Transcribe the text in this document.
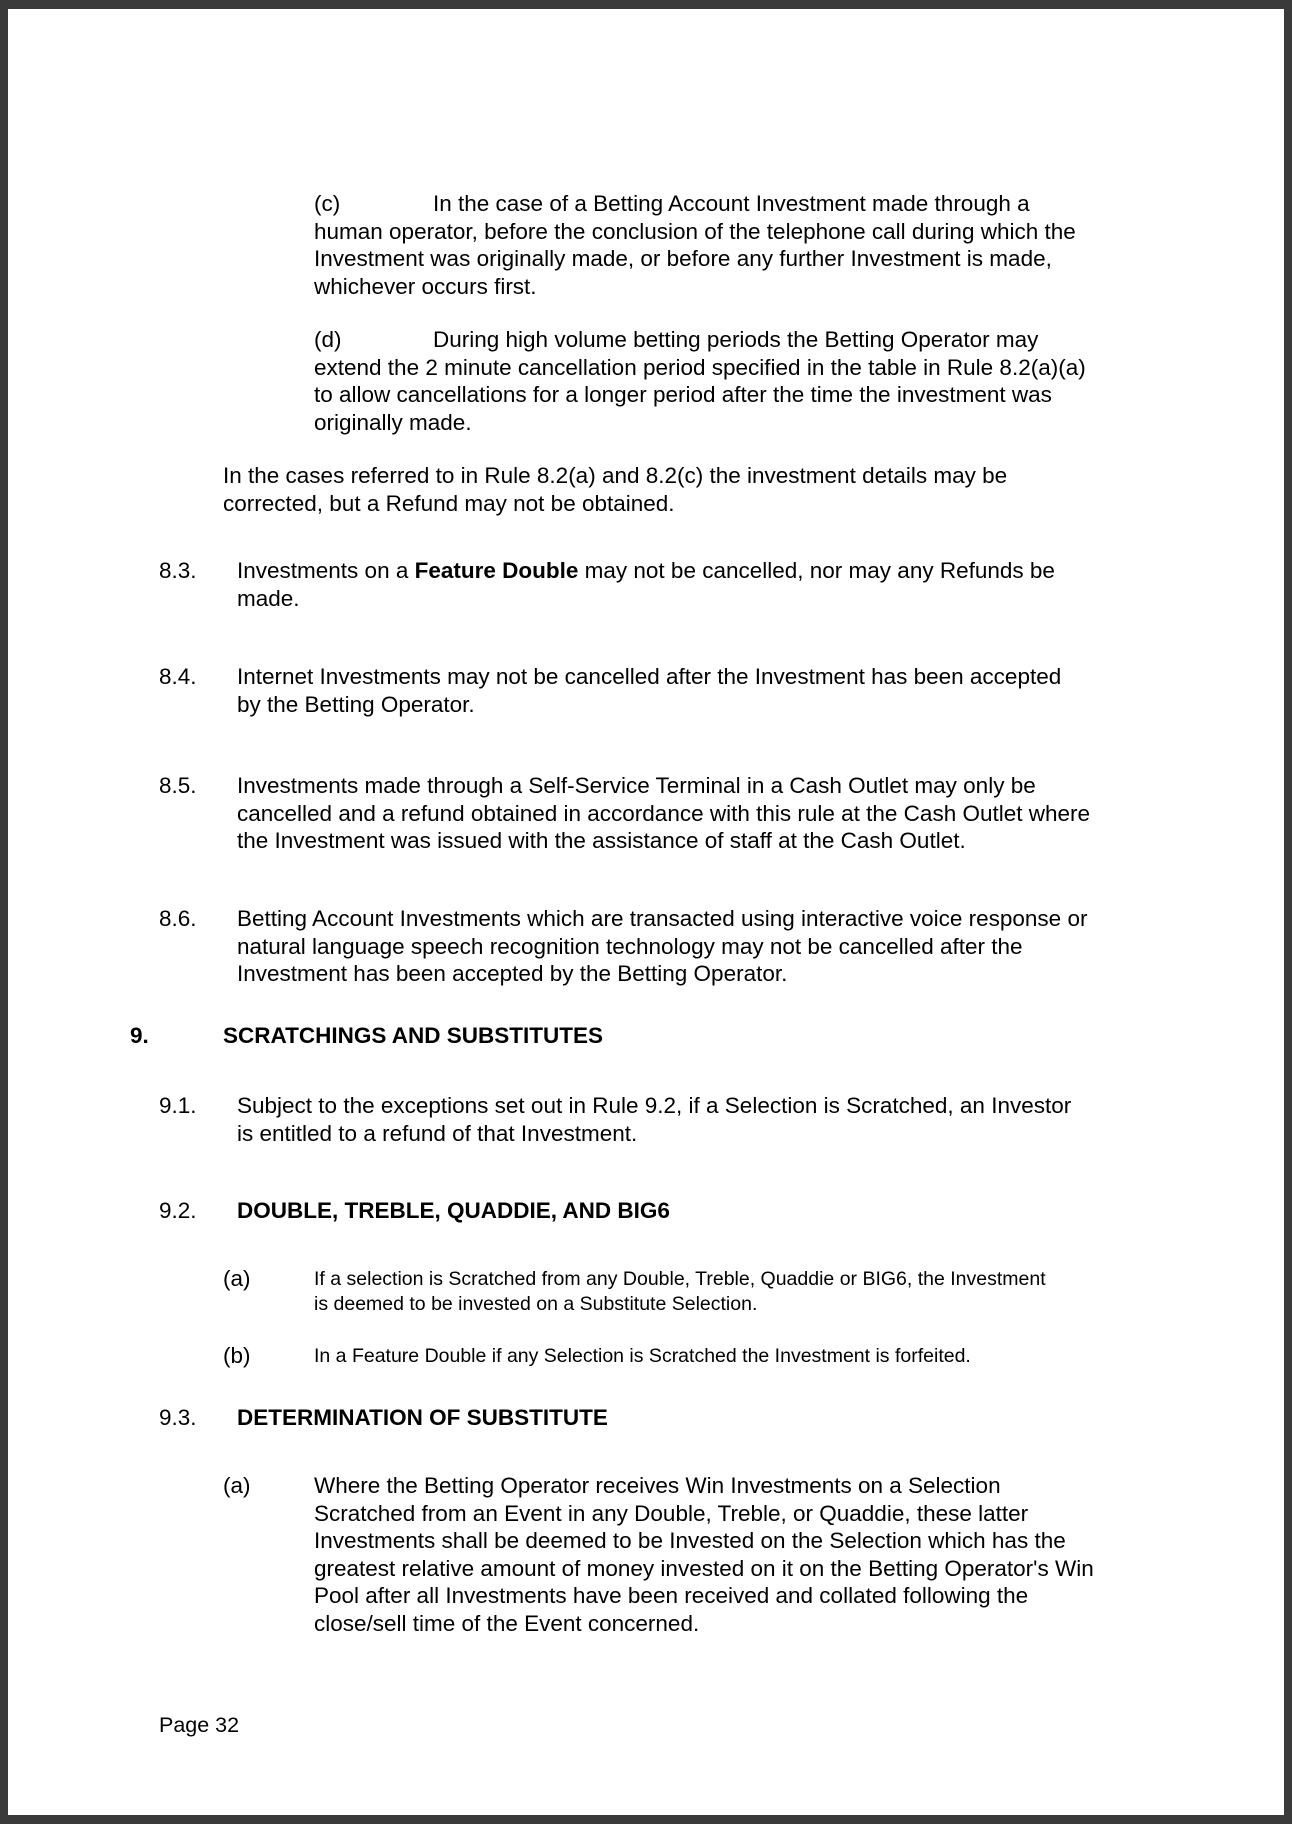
(c)	In the case of a Betting Account Investment made through a
human operator, before the conclusion of the telephone call during which the
Investment was originally made, or before any further Investment is made,
whichever occurs first.
(d)	During high volume betting periods the Betting Operator may
extend the 2 minute cancellation period specified in the table in Rule 8.2(a)(a)
to allow cancellations for a longer period after the time the investment was
originally made.
In the cases referred to in Rule 8.2(a) and 8.2(c) the investment details may be
corrected, but a Refund may not be obtained.
8.3. Investments on a Feature Double may not be cancelled, nor may any Refunds be
made.
8.4. Internet Investments may not be cancelled after the Investment has been accepted
by the Betting Operator.
8.5. Investments made through a Self-Service Terminal in a Cash Outlet may only be
cancelled and a refund obtained in accordance with this rule at the Cash Outlet where
the Investment was issued with the assistance of staff at the Cash Outlet.
8.6. Betting Account Investments which are transacted using interactive voice response or
natural language speech recognition technology may not be cancelled after the
Investment has been accepted by the Betting Operator.
9.	SCRATCHINGS AND SUBSTITUTES
9.1. Subject to the exceptions set out in Rule 9.2, if a Selection is Scratched, an Investor
is entitled to a refund of that Investment.
9.2. DOUBLE, TREBLE, QUADDIE, AND BIG6
(a)	If a selection is Scratched from any Double, Treble, Quaddie or BIG6, the Investment
is deemed to be invested on a Substitute Selection.
(b)	In a Feature Double if any Selection is Scratched the Investment is forfeited.
9.3. DETERMINATION OF SUBSTITUTE
(a)	Where the Betting Operator receives Win Investments on a Selection
Scratched from an Event in any Double, Treble, or Quaddie, these latter
Investments shall be deemed to be Invested on the Selection which has the
greatest relative amount of money invested on it on the Betting Operator's Win
Pool after all Investments have been received and collated following the
close/sell time of the Event concerned.
Page 32
